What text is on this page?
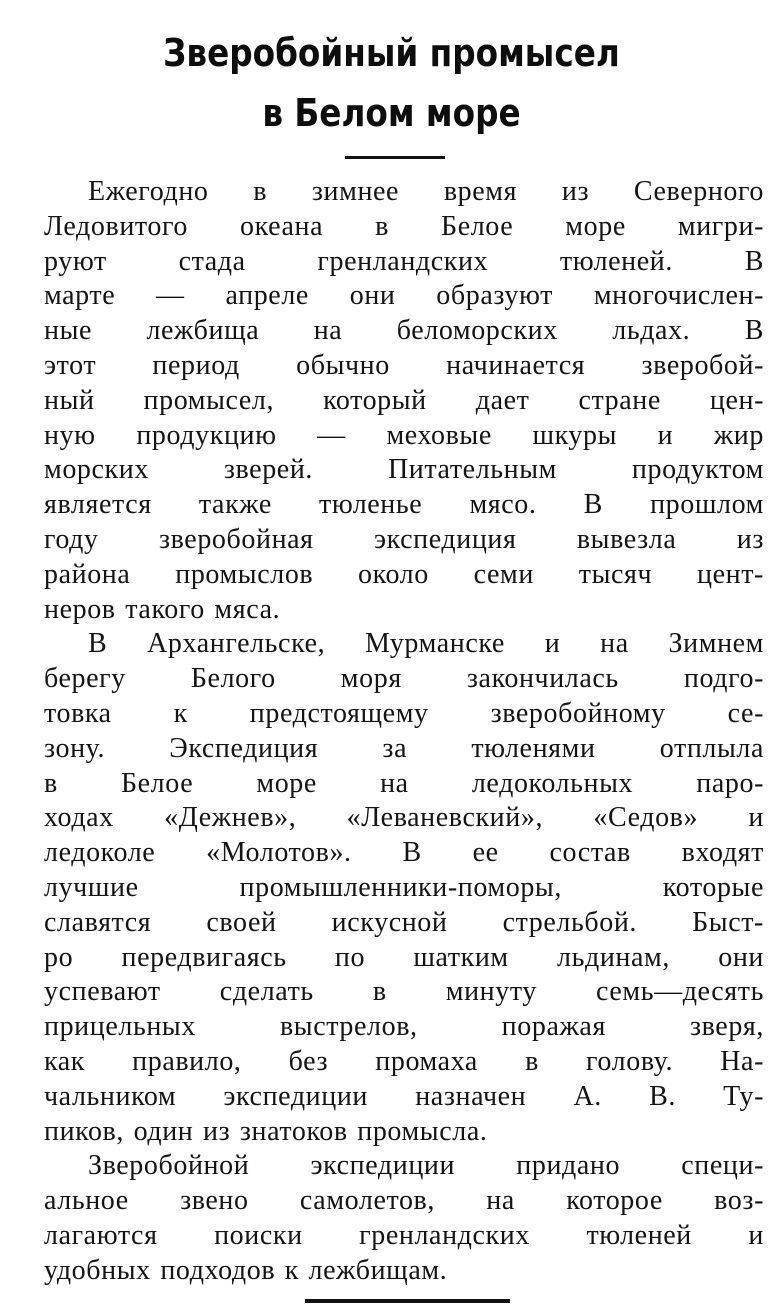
Зверобойный промысел
в Белом море
Ежегодно в зимнее время из Северного
Ледовитого океана в Белое море мигри-
руют стада гренландских тюленей. В
марте — апреле они образуют многочислен-
ные лежбища на беломорских льдах. В
этот период обычно начинается зверобой-
ный промысел, который дает стране цен-
ную продукцию — меховые шкуры и жир
морских зверей. Питательным продуктом
является также тюленье мясо. В прошлом
году зверобойная экспедиция вывезла из
района промыслов около семи тысяч цент-
неров такого мяса.
В Архангельске, Мурманске и на Зимнем
берегу Белого моря закончилась подго-
товка к предстоящему зверобойному се-
зону. Экспедиция за тюленями отплыла
в Белое море на ледокольных паро-
ходах «Дежнев», «Леваневский», «Седов» и
ледоколе «Молотов». В ее состав входят
лучшие промышленники-поморы, которые
славятся своей искусной стрельбой. Быст-
ро передвигаясь по шатким льдинам, они
успевают сделать в минуту семь—десять
прицельных выстрелов, поражая зверя,
как правило, без промаха в голову. На-
чальником экспедиции назначен А. В. Ту-
пиков, один из знатоков промысла.
Зверобойной экспедиции придано специ-
альное звено самолетов, на которое воз-
лагаются поиски гренландских тюленей и
удобных подходов к лежбищам.
